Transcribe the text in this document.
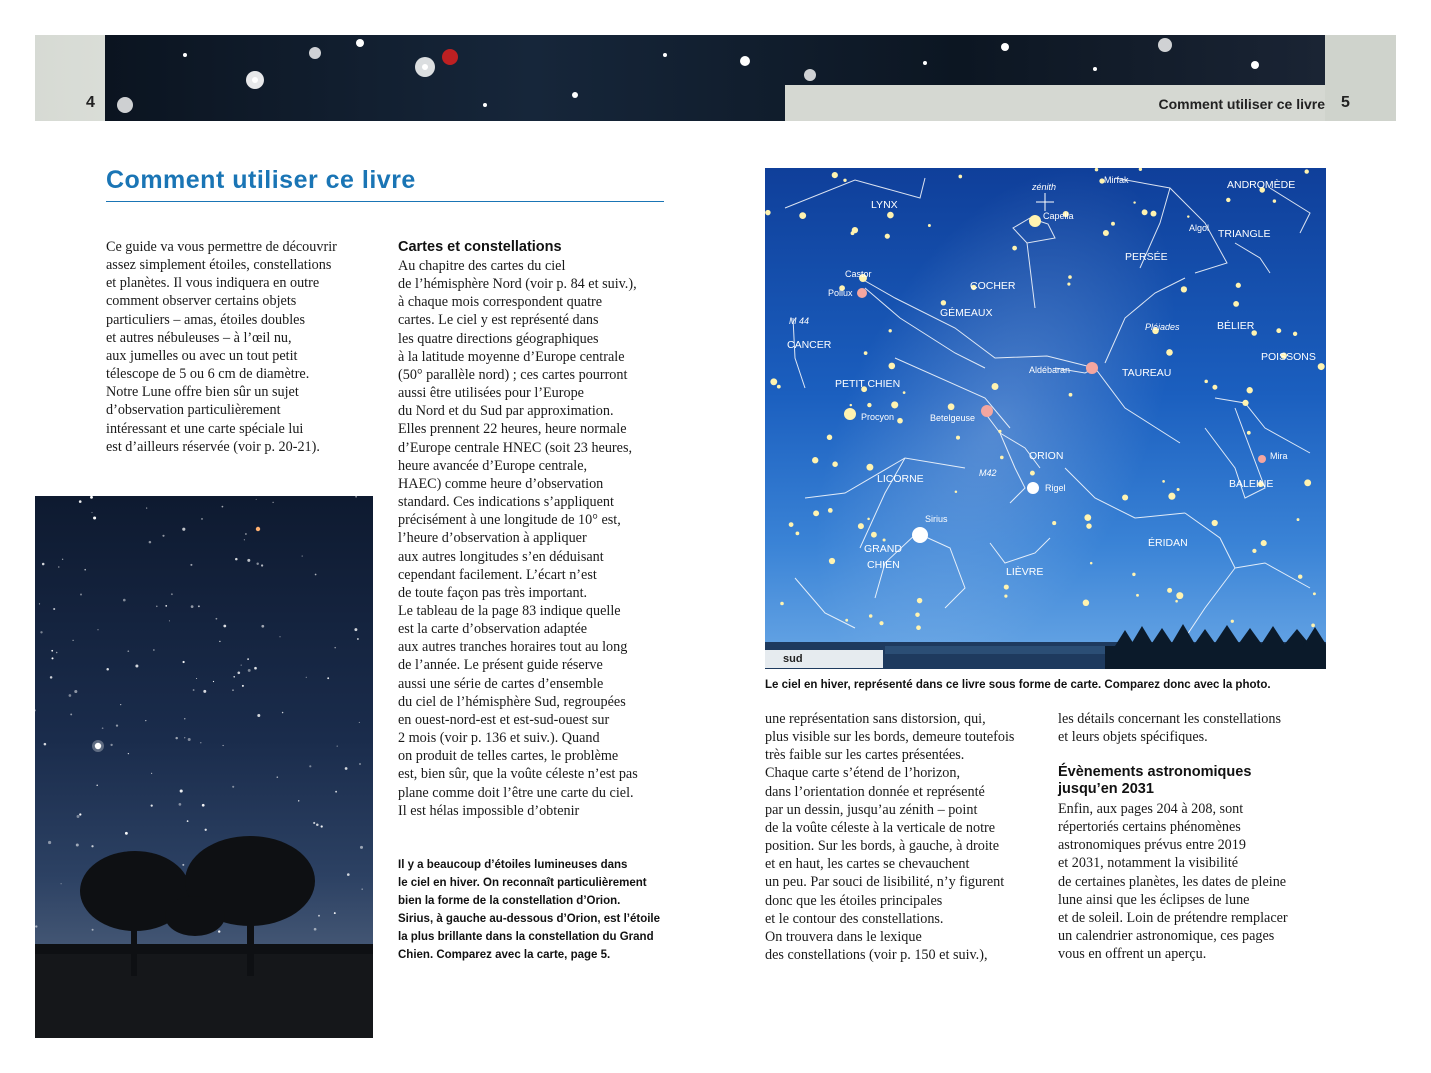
4	Comment utiliser ce livre 5
Comment utiliser ce livre
Ce guide va vous permettre de découvrir
assez simplement étoiles, constellations
et planètes. Il vous indiquera en outre
comment observer certains objets
particuliers – amas, étoiles doubles
et autres nébuleuses – à l’œil nu,
aux jumelles ou avec un tout petit
télescope de 5 ou 6 cm de diamètre.
Notre Lune offre bien sûr un sujet
d’observation particulièrement
intéressant et une carte spéciale lui
est d’ailleurs réservée (voir p. 20-21).
Cartes et constellations
Au chapitre des cartes du ciel
de l’hémisphère Nord (voir p. 84 et suiv.),
à chaque mois correspondent quatre
cartes. Le ciel y est représenté dans
les quatre directions géographiques
à la latitude moyenne d’Europe centrale
(50° parallèle nord) ; ces cartes pourront
aussi être utilisées pour l’Europe
du Nord et du Sud par approximation.
Elles prennent 22 heures, heure normale
d’Europe centrale HNEC (soit 23 heures,
heure avancée d’Europe centrale,
HAEC) comme heure d’observation
standard. Ces indications s’appliquent
précisément à une longitude de 10° est,
l’heure d’observation à appliquer
aux autres longitudes s’en déduisant
cependant facilement. L’écart n’est
de toute façon pas très important.
Le tableau de la page 83 indique quelle
est la carte d’observation adaptée
aux autres tranches horaires tout au long
de l’année. Le présent guide réserve
aussi une série de cartes d’ensemble
du ciel de l’hémisphère Sud, regroupées
en ouest-nord-est et est-sud-ouest sur
2 mois (voir p. 136 et suiv.). Quand
on produit de telles cartes, le problème
est, bien sûr, que la voûte céleste n’est pas
plane comme doit l’être une carte du ciel.
Il est hélas impossible d’obtenir
Il y a beaucoup d’étoiles lumineuses dans
le ciel en hiver. On reconnaît particulièrement
bien la forme de la constellation d’Orion.
Sirius, à gauche au-dessous d’Orion, est l’étoile
la plus brillante dans la constellation du Grand
Chien. Comparez avec la carte, page 5.
LYNX
ANDROMÈDE
TRIANGLE
PERSÉE
COCHER
GÉMEAUX
CANCER
BÉLIER
POISSONS
PETIT CHIEN
TAUREAU
ORION
LICORNE	BALEINE
GRAND
CHIEN
ÉRIDAN
LIÈVRE
Mirfak
Capella
Algol
Castor
Pollux
Aldébaran
Procyon	Betelgeuse
Rigel
Sirius
Mira
zénith
M 44
Pléiades
M42
sud
Le ciel en hiver, représenté dans ce livre sous forme de carte. Comparez donc avec la photo.
une représentation sans distorsion, qui,
plus visible sur les bords, demeure toutefois
très faible sur les cartes présentées.
Chaque carte s’étend de l’horizon,
dans l’orientation donnée et représenté
par un dessin, jusqu’au zénith – point
de la voûte céleste à la verticale de notre
position. Sur les bords, à gauche, à droite
et en haut, les cartes se chevauchent
un peu. Par souci de lisibilité, n’y figurent
donc que les étoiles principales
et le contour des constellations.
On trouvera dans le lexique
des constellations (voir p. 150 et suiv.),
les détails concernant les constellations
et leurs objets spécifiques.
Évènements astronomiques
jusqu’en 2031
Enfin, aux pages 204 à 208, sont
répertoriés certains phénomènes
astronomiques prévus entre 2019
et 2031, notamment la visibilité
de certaines planètes, les dates de pleine
lune ainsi que les éclipses de lune
et de soleil. Loin de prétendre remplacer
un calendrier astronomique, ces pages
vous en offrent un aperçu.
